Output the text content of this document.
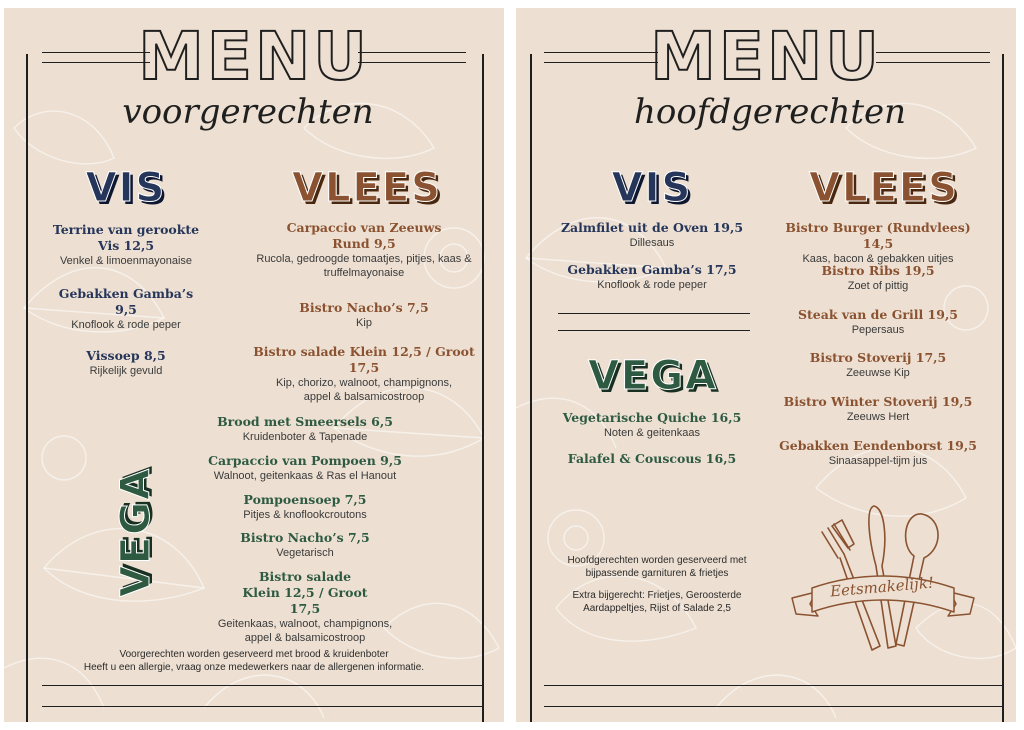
MENU
voorgerechten
VIS	VLEES
Terrine van gerookte Vis 12,5
Venkel & limoenmayonaise
Gebakken Gamba’s 9,5
Knoflook & rode peper
Vissoep 8,5
Rijkelijk gevuld
Carpaccio van Zeeuws Rund 9,5
Rucola, gedroogde tomaatjes, pitjes, kaas & truffelmayonaise
Bistro Nacho’s 7,5
Kip
Bistro salade Klein 12,5 / Groot 17,5
Kip, chorizo, walnoot, champignons, appel & balsamicostroop
VEGA
Brood met Smeersels 6,5
Kruidenboter & Tapenade
Carpaccio van Pompoen 9,5
Walnoot, geitenkaas & Ras el Hanout
Pompoensoep 7,5
Pitjes & knoflookcroutons
Bistro Nacho’s 7,5
Vegetarisch
Bistro salade Klein 12,5 / Groot 17,5
Geitenkaas, walnoot, champignons, appel & balsamicostroop
Voorgerechten worden geserveerd met brood & kruidenboter
Heeft u een allergie, vraag onze medewerkers naar de allergenen informatie.
MENU
hoofdgerechten
VIS	VLEES
Zalmfilet uit de Oven 19,5
Dillesaus
Gebakken Gamba’s 17,5
Knoflook & rode peper
VEGA
Vegetarische Quiche 16,5
Noten & geitenkaas
Falafel & Couscous 16,5
Bistro Burger (Rundvlees) 14,5
Kaas, bacon & gebakken uitjes
Bistro Ribs 19,5
Zoet of pittig
Steak van de Grill 19,5
Pepersaus
Bistro Stoverij 17,5
Zeeuwse Kip
Bistro Winter Stoverij 19,5
Zeeuws Hert
Gebakken Eendenborst 19,5
Sinaasappel-tijm jus
Hoofdgerechten worden geserveerd met
bijpassende garnituren & frietjes
Extra bijgerecht: Frietjes, Geroosterde
Aardappeltjes, Rijst of Salade 2,5
Eetsmakelijk!
